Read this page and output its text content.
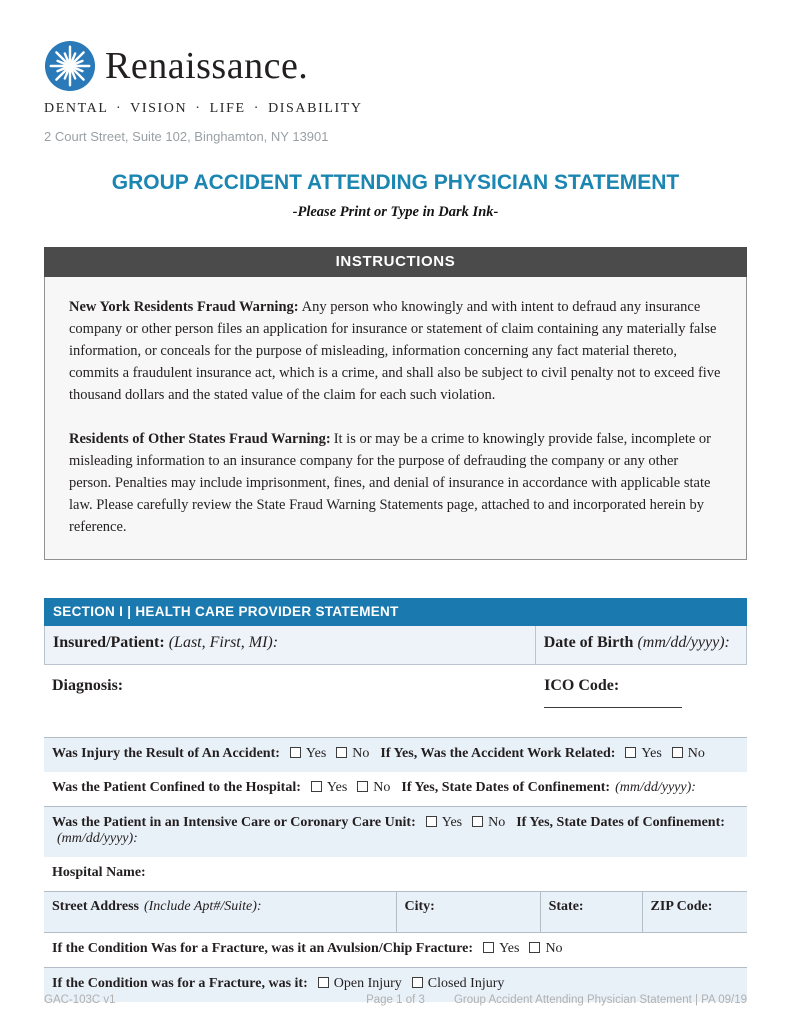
Renaissance.
DENTAL · VISION · LIFE · DISABILITY
2 Court Street, Suite 102, Binghamton, NY 13901
GROUP ACCIDENT ATTENDING PHYSICIAN STATEMENT
-Please Print or Type in Dark Ink-
INSTRUCTIONS

New York Residents Fraud Warning: Any person who knowingly and with intent to defraud any insurance company or other person files an application for insurance or statement of claim containing any materially false information, or conceals for the purpose of misleading, information concerning any fact material thereto, commits a fraudulent insurance act, which is a crime, and shall also be subject to civil penalty not to exceed five thousand dollars and the stated value of the claim for each such violation.

Residents of Other States Fraud Warning: It is or may be a crime to knowingly provide false, incomplete or misleading information to an insurance company for the purpose of defrauding the company or any other person. Penalties may include imprisonment, fines, and denial of insurance in accordance with applicable state law. Please carefully review the State Fraud Warning Statements page, attached to and incorporated herein by reference.

SECTION I | HEALTH CARE PROVIDER STATEMENT
Insured/Patient: (Last, First, MI):	Date of Birth (mm/dd/yyyy):
Diagnosis:	ICO Code:
Was Injury the Result of An Accident: Yes No If Yes, Was the Accident Work Related: Yes No
Was the Patient Confined to the Hospital: Yes No If Yes, State Dates of Confinement: (mm/dd/yyyy):
Was the Patient in an Intensive Care or Coronary Care Unit: Yes No If Yes, State Dates of Confinement:(mm/dd/yyyy):
Hospital Name:
Street Address (Include Apt#/Suite):	City:	State:	ZIP Code:
If the Condition Was for a Fracture, was it an Avulsion/Chip Fracture: Yes No
If the Condition was for a Fracture, was it: Open Injury Closed Injury
GAC-103C v1	Page 1 of 3	Group Accident Attending Physician Statement | PA 09/19
